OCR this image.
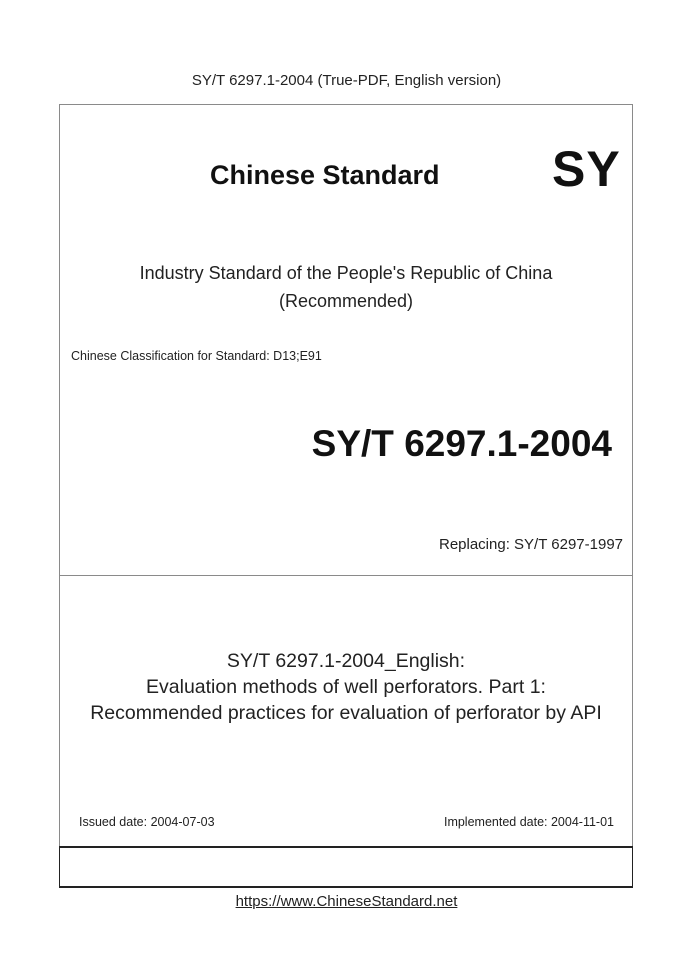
SY/T 6297.1-2004 (True-PDF, English version)
Chinese Standard SY
Industry Standard of the People's Republic of China
(Recommended)
Chinese Classification for Standard: D13;E91
SY/T 6297.1-2004
Replacing: SY/T 6297-1997
SY/T 6297.1-2004_English:
Evaluation methods of well perforators. Part 1:
Recommended practices for evaluation of perforator by API
Issued date: 2004-07-03	Implemented date: 2004-11-01
https://www.ChineseStandard.net
